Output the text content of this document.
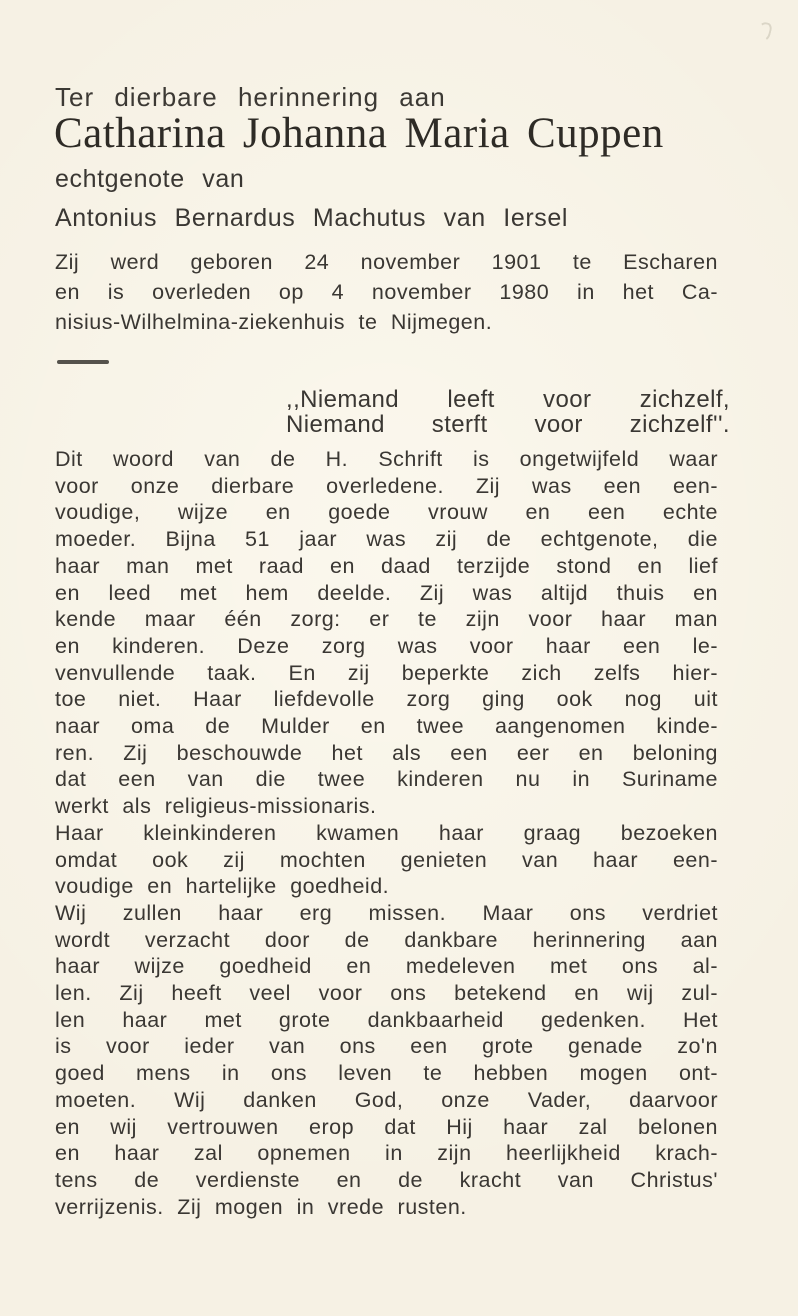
Ter dierbare herinnering aan
Catharina Johanna Maria Cuppen
echtgenote van
Antonius Bernardus Machutus van Iersel
Zij werd geboren 24 november 1901 te Escharen
en is overleden op 4 november 1980 in het Ca-
nisius-Wilhelmina-ziekenhuis te Nijmegen.
,,Niemand leeft voor zichzelf,
Niemand sterft voor zichzelf''.
Dit woord van de H. Schrift is ongetwijfeld waar
voor onze dierbare overledene. Zij was een een-
voudige, wijze en goede vrouw en een echte
moeder. Bijna 51 jaar was zij de echtgenote, die
haar man met raad en daad terzijde stond en lief
en leed met hem deelde. Zij was altijd thuis en
kende maar één zorg: er te zijn voor haar man
en kinderen. Deze zorg was voor haar een le-
venvullende taak. En zij beperkte zich zelfs hier-
toe niet. Haar liefdevolle zorg ging ook nog uit
naar oma de Mulder en twee aangenomen kinde-
ren. Zij beschouwde het als een eer en beloning
dat een van die twee kinderen nu in Suriname
werkt als religieus-missionaris.
Haar kleinkinderen kwamen haar graag bezoeken
omdat ook zij mochten genieten van haar een-
voudige en hartelijke goedheid.
Wij zullen haar erg missen. Maar ons verdriet
wordt verzacht door de dankbare herinnering aan
haar wijze goedheid en medeleven met ons al-
len. Zij heeft veel voor ons betekend en wij zul-
len haar met grote dankbaarheid gedenken. Het
is voor ieder van ons een grote genade zo'n
goed mens in ons leven te hebben mogen ont-
moeten. Wij danken God, onze Vader, daarvoor
en wij vertrouwen erop dat Hij haar zal belonen
en haar zal opnemen in zijn heerlijkheid krach-
tens de verdienste en de kracht van Christus'
verrijzenis. Zij mogen in vrede rusten.
